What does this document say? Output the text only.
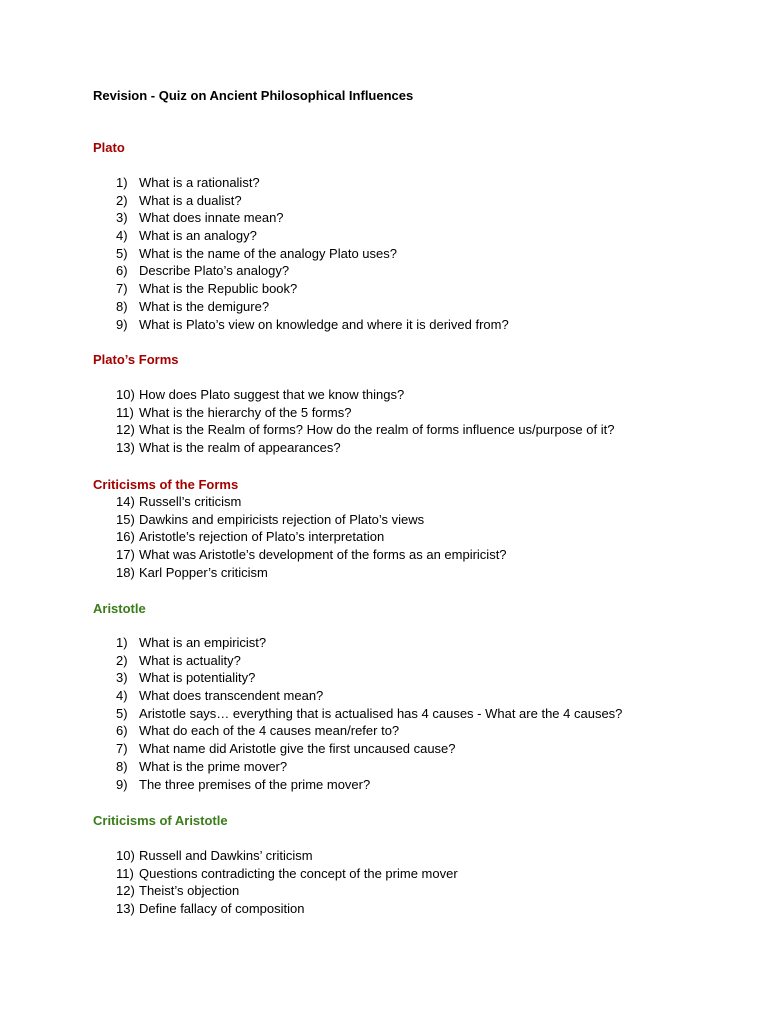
Revision - Quiz on Ancient Philosophical Influences
Plato
1) What is a rationalist?
2) What is a dualist?
3) What does innate mean?
4) What is an analogy?
5) What is the name of the analogy Plato uses?
6) Describe Plato’s analogy?
7) What is the Republic book?
8) What is the demigure?
9) What is Plato’s view on knowledge and where it is derived from?
Plato’s Forms
10) How does Plato suggest that we know things?
11) What is the hierarchy of the 5 forms?
12) What is the Realm of forms? How do the realm of forms influence us/purpose of it?
13) What is the realm of appearances?
Criticisms of the Forms
14) Russell’s criticism
15) Dawkins and empiricists rejection of Plato’s views
16) Aristotle’s rejection of Plato’s interpretation
17) What was Aristotle’s development of the forms as an empiricist?
18) Karl Popper’s criticism
Aristotle
1) What is an empiricist?
2) What is actuality?
3) What is potentiality?
4) What does transcendent mean?
5) Aristotle says… everything that is actualised has 4 causes - What are the 4 causes?
6) What do each of the 4 causes mean/refer to?
7) What name did Aristotle give the first uncaused cause?
8) What is the prime mover?
9) The three premises of the prime mover?
Criticisms of Aristotle
10) Russell and Dawkins’ criticism
11) Questions contradicting the concept of the prime mover
12) Theist’s objection
13) Define fallacy of composition
